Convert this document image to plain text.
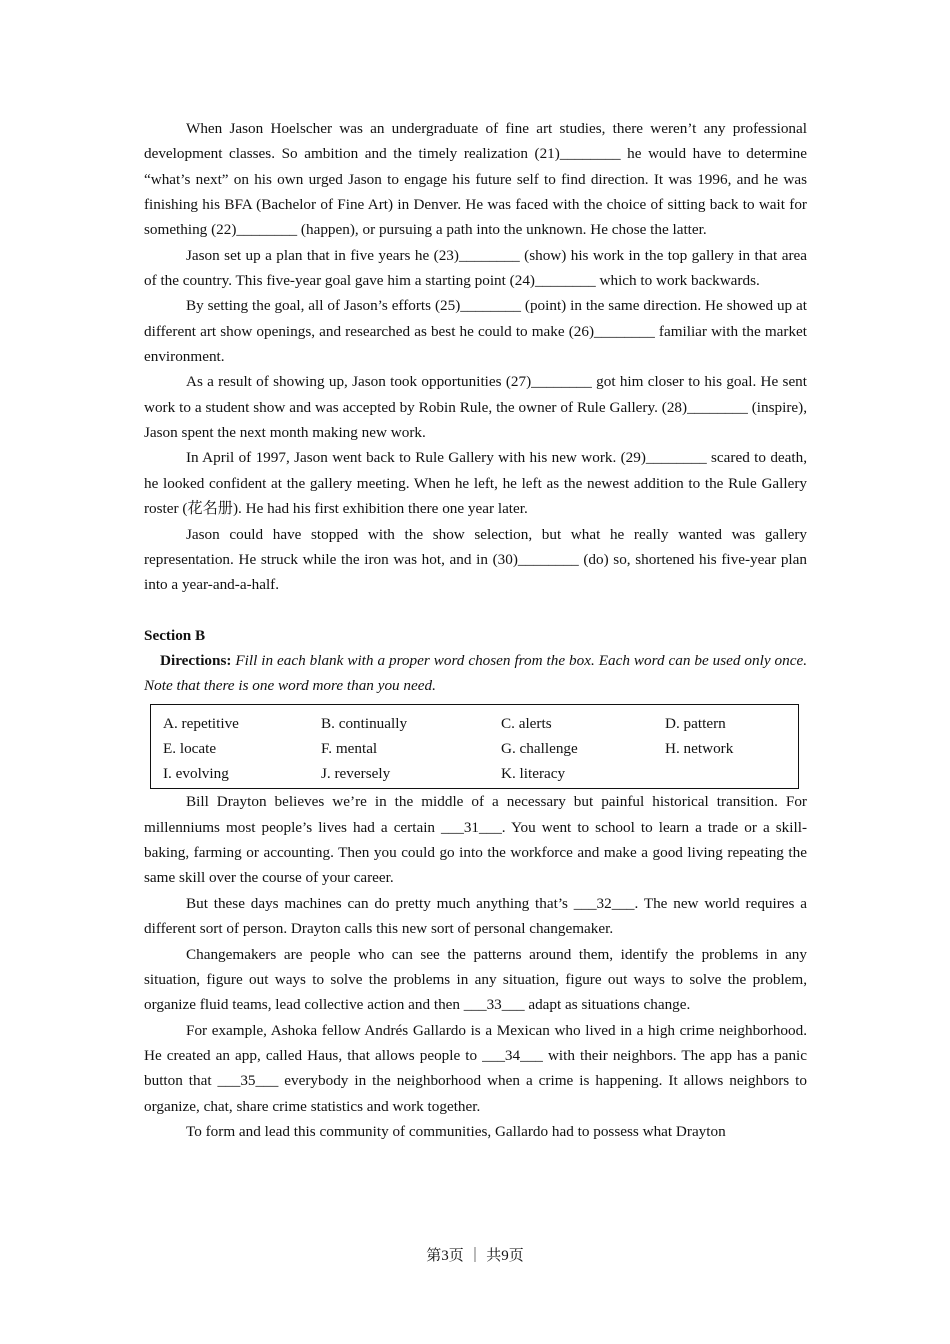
When Jason Hoelscher was an undergraduate of fine art studies, there weren’t any professional development classes. So ambition and the timely realization (21)________ he would have to determine “what’s next” on his own urged Jason to engage his future self to find direction. It was 1996, and he was finishing his BFA (Bachelor of Fine Art) in Denver. He was faced with the choice of sitting back to wait for something (22)________ (happen), or pursuing a path into the unknown. He chose the latter.

Jason set up a plan that in five years he (23)________ (show) his work in the top gallery in that area of the country. This five-year goal gave him a starting point (24)________ which to work backwards.

By setting the goal, all of Jason’s efforts (25)________ (point) in the same direction. He showed up at different art show openings, and researched as best he could to make (26)________ familiar with the market environment.

As a result of showing up, Jason took opportunities (27)________ got him closer to his goal. He sent work to a student show and was accepted by Robin Rule, the owner of Rule Gallery. (28)________ (inspire), Jason spent the next month making new work.

In April of 1997, Jason went back to Rule Gallery with his new work. (29)________ scared to death, he looked confident at the gallery meeting. When he left, he left as the newest addition to the Rule Gallery roster (花名册). He had his first exhibition there one year later.

Jason could have stopped with the show selection, but what he really wanted was gallery representation. He struck while the iron was hot, and in (30)________ (do) so, shortened his five-year plan into a year-and-a-half.

Section B

Directions: Fill in each blank with a proper word chosen from the box. Each word can be used only once. Note that there is one word more than you need.

A. repetitive	B. continually	C. alerts	D. pattern
E. locate	F. mental	G. challenge	H. network
I. evolving	J. reversely	K. literacy

Bill Drayton believes we’re in the middle of a necessary but painful historical transition. For millenniums most people’s lives had a certain ___31___. You went to school to learn a trade or a skill-baking, farming or accounting. Then you could go into the workforce and make a good living repeating the same skill over the course of your career.

But these days machines can do pretty much anything that’s ___32___. The new world requires a different sort of person. Drayton calls this new sort of personal changemaker.

Changemakers are people who can see the patterns around them, identify the problems in any situation, figure out ways to solve the problems in any situation, figure out ways to solve the problem, organize fluid teams, lead collective action and then ___33___ adapt as situations change.

For example, Ashoka fellow Andrés Gallardo is a Mexican who lived in a high crime neighborhood. He created an app, called Haus, that allows people to ___34___ with their neighbors. The app has a panic button that ___35___ everybody in the neighborhood when a crime is happening. It allows neighbors to organize, chat, share crime statistics and work together.

To form and lead this community of communities, Gallardo had to possess what Drayton

第3页 ｜ 共9页
